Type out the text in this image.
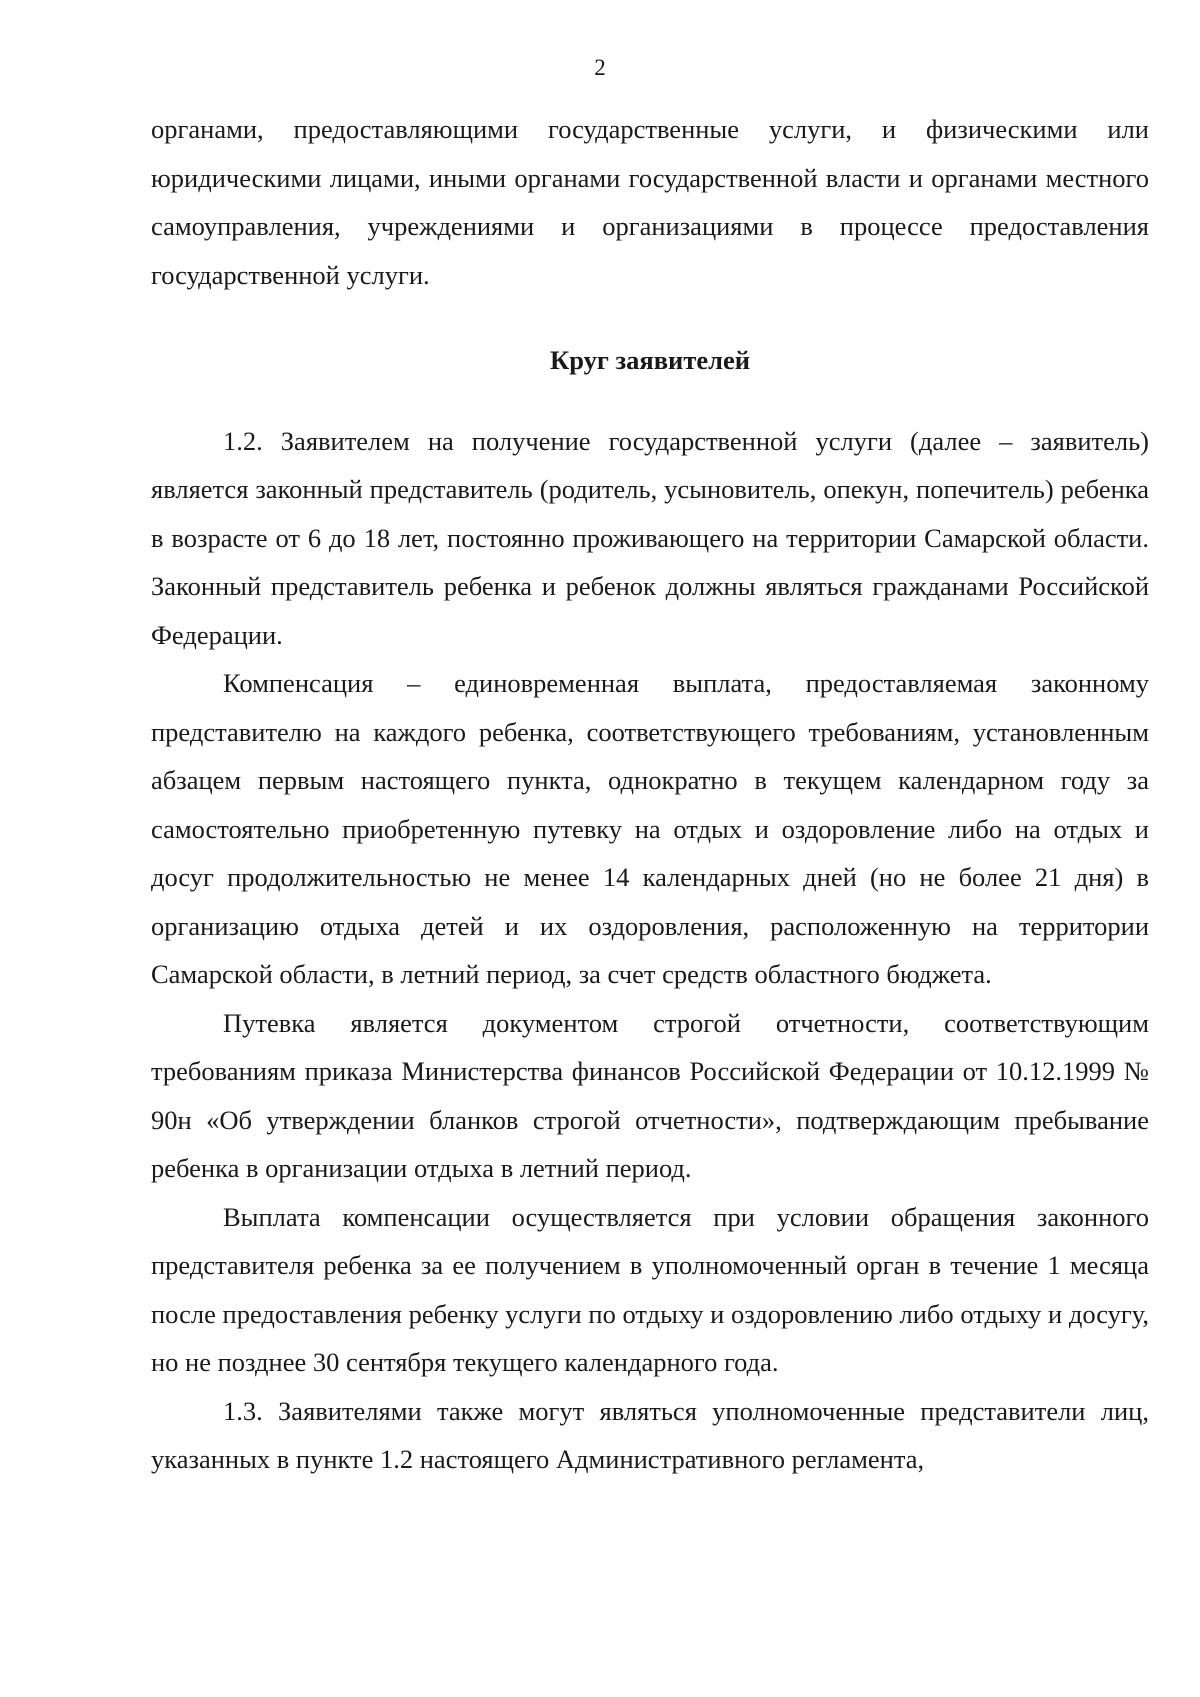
2

органами, предоставляющими государственные услуги, и физическими или юридическими лицами, иными органами государственной власти и органами местного самоуправления, учреждениями и организациями в процессе предоставления государственной услуги.

Круг заявителей

1.2. Заявителем на получение государственной услуги (далее – заявитель) является законный представитель (родитель, усыновитель, опекун, попечитель) ребенка в возрасте от 6 до 18 лет, постоянно проживающего на территории Самарской области. Законный представитель ребенка и ребенок должны являться гражданами Российской Федерации.

Компенсация – единовременная выплата, предоставляемая законному представителю на каждого ребенка, соответствующего требованиям, установленным абзацем первым настоящего пункта, однократно в текущем календарном году за самостоятельно приобретенную путевку на отдых и оздоровление либо на отдых и досуг продолжительностью не менее 14 календарных дней (но не более 21 дня) в организацию отдыха детей и их оздоровления, расположенную на территории Самарской области, в летний период, за счет средств областного бюджета.

Путевка является документом строгой отчетности, соответствующим требованиям приказа Министерства финансов Российской Федерации от 10.12.1999 № 90н «Об утверждении бланков строгой отчетности», подтверждающим пребывание ребенка в организации отдыха в летний период.

Выплата компенсации осуществляется при условии обращения законного представителя ребенка за ее получением в уполномоченный орган в течение 1 месяца после предоставления ребенку услуги по отдыху и оздоровлению либо отдыху и досугу, но не позднее 30 сентября текущего календарного года.

1.3. Заявителями также могут являться уполномоченные представители лиц, указанных в пункте 1.2 настоящего Административного регламента,
